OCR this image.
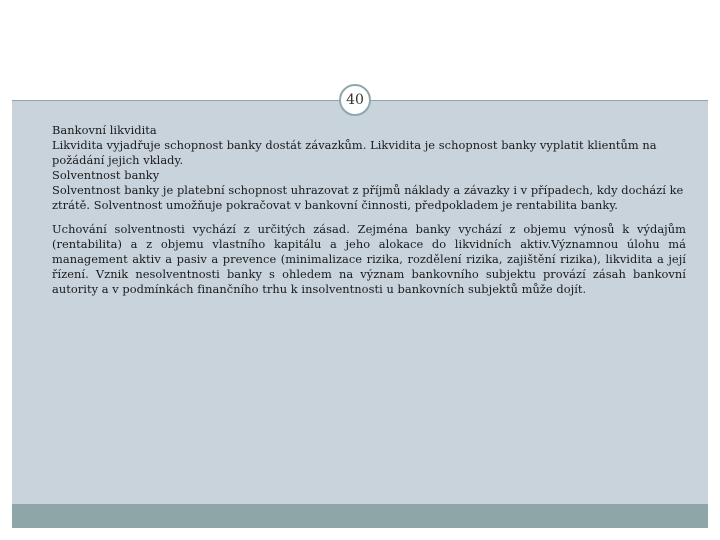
40

Bankovní likvidita

Likvidita vyjadřuje schopnost banky dostát závazkům. Likvidita je schopnost banky vyplatit klientům na požádání jejich vklady.

Solventnost banky

Solventnost banky je platební schopnost uhrazovat z příjmů náklady a závazky i v případech, kdy dochází ke ztrátě. Solventnost umožňuje pokračovat v bankovní činnosti, předpokladem je rentabilita banky.

Uchování solventnosti vychází z určitých zásad. Zejména banky vychází z objemu výnosů k výdajům (rentabilita) a z objemu vlastního kapitálu a jeho alokace do likvidních aktiv.Významnou úlohu má management aktiv a pasiv a prevence (minimalizace rizika, rozdělení rizika, zajištění rizika), likvidita a její řízení. Vznik nesolventnosti banky s ohledem na význam bankovního subjektu provází zásah bankovní autority a v podmínkách finančního trhu k insolventnosti u bankovních subjektů může dojít.
